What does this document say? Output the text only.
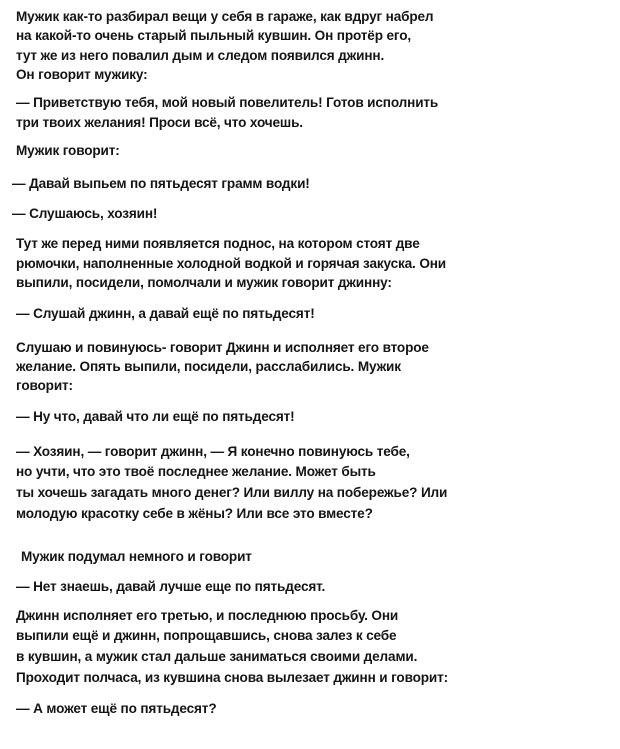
Мужик как-то разбирал вещи у себя в гараже, как вдруг набрел
на какой-то очень старый пыльный кувшин. Он протёр его,
тут же из него повалил дым и следом появился джинн.
Он говорит мужику:
— Приветствую тебя, мой новый повелитель! Готов исполнить
три твоих желания! Проси всё, что хочешь.
Мужик говорит:
— Давай выпьем по пятьдесят грамм водки!
— Слушаюсь, хозяин!
Тут же перед ними появляется поднос, на котором стоят две
рюмочки, наполненные холодной водкой и горячая закуска. Они
выпили, посидели, помолчали и мужик говорит джинну:
— Слушай джинн, а давай ещё по пятьдесят!
Слушаю и повинуюсь- говорит Джинн и исполняет его второе
желание. Опять выпили, посидели, расслабились. Мужик
говорит:
— Ну что, давай что ли ещё по пятьдесят!
— Хозяин, — говорит джинн, — Я конечно повинуюсь тебе,
но учти, что это твоё последнее желание. Может быть
ты хочешь загадать много денег? Или виллу на побережье? Или
молодую красотку себе в жёны? Или все это вместе?
Мужик подумал немного и говорит
— Нет знаешь, давай лучше еще по пятьдесят.
Джинн исполняет его третью, и последнюю просьбу. Они
выпили ещё и джинн, попрощавшись, снова залез к себе
в кувшин, а мужик стал дальше заниматься своими делами.
Проходит полчаса, из кувшина снова вылезает джинн и говорит:
— А может ещё по пятьдесят?
